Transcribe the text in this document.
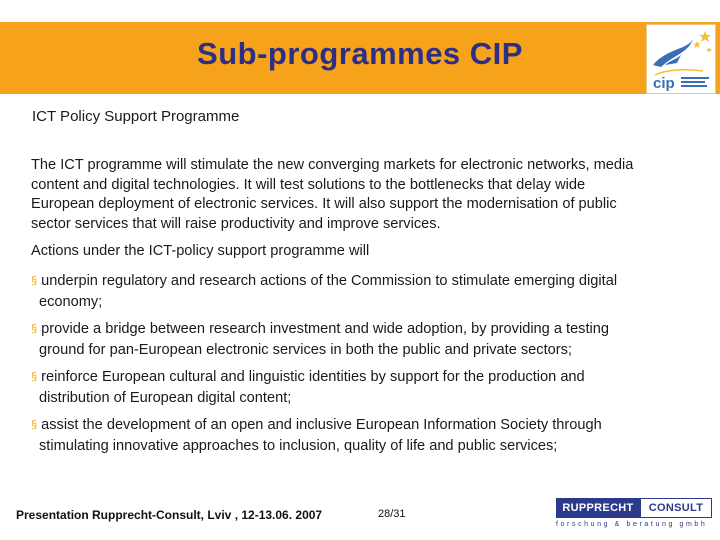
Sub-programmes CIP
cip
ICT Policy Support Programme
The ICT programme will stimulate the new converging markets for electronic networks, media
content and digital technologies. It will test solutions to the bottlenecks that delay wide
European deployment of electronic services. It will also support the modernisation of public
sector services that will raise productivity and improve services.
Actions under the ICT-policy support programme will
§ underpin regulatory and research actions of the Commission to stimulate emerging digital
economy;
§ provide a bridge between research investment and wide adoption, by providing a testing
ground for pan-European electronic services in both the public and private sectors;
§ reinforce European cultural and linguistic identities by support for the production and
distribution of European digital content;
§ assist the development of an open and inclusive European Information Society through
stimulating innovative approaches to inclusion, quality of life and public services;
Presentation Rupprecht-Consult, Lviv , 12-13.06. 2007	28/31	RUPPRECHT	CONSULT
forschung & beratung gmbh
